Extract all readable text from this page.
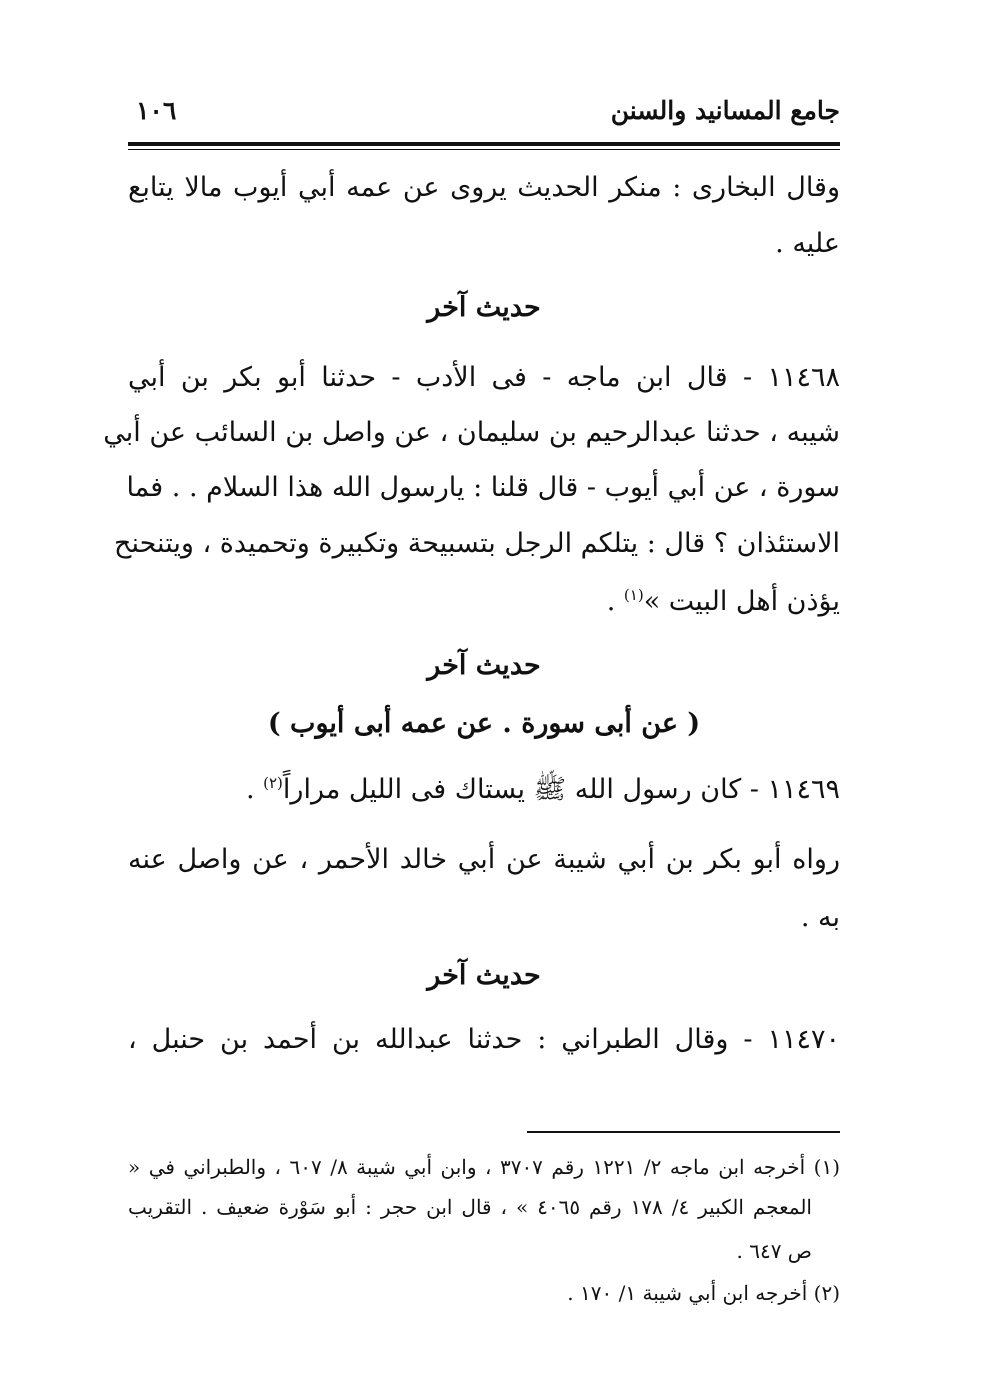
جامع المسانيد والسنن
١٠٦
وقال البخارى : منكر الحديث يروى عن عمه أبي أيوب مالا يتابع
عليه .
حديث آخر
١١٤٦٨ - قال ابن ماجه - فى الأدب - حدثنا أبو بكر بن أبي
شيبه ، حدثنا عبدالرحيم بن سليمان ، عن واصل بن السائب عن أبي
سورة ، عن أبي أيوب - قال قلنا : يارسول الله هذا السلام . . فما
الاستئذان ؟ قال : يتلكم الرجل بتسبيحة وتكبيرة وتحميدة ، ويتنحنح
يؤذن أهل البيت »$^{(١)}$ .
حديث آخر
( عن أبى سورة . عن عمه أبى أيوب )
١١٤٦٩ - كان رسول الله ﷺ يستاك فى الليل مراراً$^{(٢)}$ .
رواه أبو بكر بن أبي شيبة عن أبي خالد الأحمر ، عن واصل عنه
به .
حديث آخر
١١٤٧٠ - وقال الطبراني : حدثنا عبدالله بن أحمد بن حنبل ،
(١) أخرجه ابن ماجه ٢/ ١٢٢١ رقم ٣٧٠٧ ، وابن أبي شيبة ٨/ ٦٠٧ ، والطبراني في «
المعجم الكبير ٤/ ١٧٨ رقم ٤٠٦٥ » ، قال ابن حجر : أبو سَوْرة ضعيف . التقريب
ص ٦٤٧ .
(٢) أخرجه ابن أبي شيبة ١/ ١٧٠ .
